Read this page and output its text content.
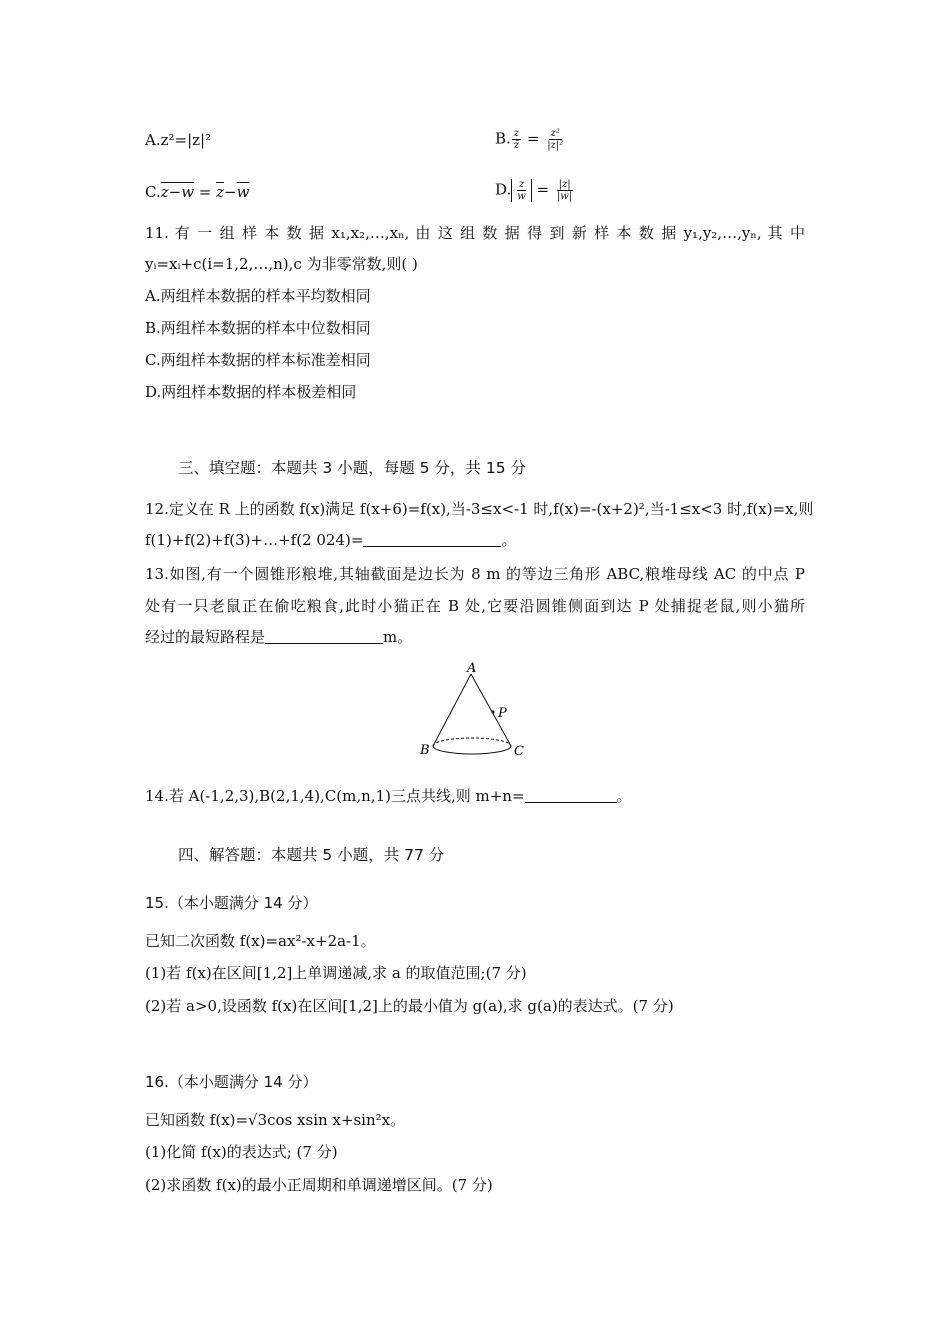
A.z²=|z|²	B. $\frac{z}{z̄} = \frac{\text{z²}}{\text{|z|²}}$
$C.z-w = \overline{z}-\overline{w}$	D. $\frac{z}{w} = \frac{|z|}{|w|}$
11. 有 一 组 样 本 数 据 x₁,x₂,…,xₙ, 由 这 组 数 据 得 到 新 样 本 数 据 y₁,y₂,…,yₙ, 其 中
yᵢ=xᵢ+c(i=1,2,…,n),c 为非零常数,则( )
A.两组样本数据的样本平均数相同
B.两组样本数据的样本中位数相同
C.两组样本数据的样本标准差相同
D.两组样本数据的样本极差相同
三、填空题：本题共 3 小题，每题 5 分，共 15 分
12.定义在 R 上的函数 f(x)满足 f(x+6)=f(x),当-3≤x<-1 时,f(x)=-(x+2)²,当-1≤x<3 时,f(x)=x,则
f(1)+f(2)+f(3)+…+f(2 024)=	。
13.如图,有一个圆锥形粮堆,其轴截面是边长为 8 m 的等边三角形 ABC,粮堆母线 AC 的中点 P
处有一只老鼠正在偷吃粮食,此时小猫正在 B 处,它要沿圆锥侧面到达 P 处捕捉老鼠,则小猫所
经过的最短路程是	m。
A
P
B	C
14.若 A(-1,2,3),B(2,1,4),C(m,n,1)三点共线,则 m+n=	。
四、解答题：本题共 5 小题，共 77 分
15.（本小题满分 14 分）
已知二次函数 f(x)=ax²-x+2a-1。
(1)若 f(x)在区间[1,2]上单调递减,求 a 的取值范围;(7 分)
(2)若 a>0,设函数 f(x)在区间[1,2]上的最小值为 g(a),求 g(a)的表达式。(7 分)
16.（本小题满分 14 分）
已知函数 f(x)=√3cos xsin x+sin²x。
(1)化简 f(x)的表达式; (7 分)
(2)求函数 f(x)的最小正周期和单调递增区间。(7 分)
